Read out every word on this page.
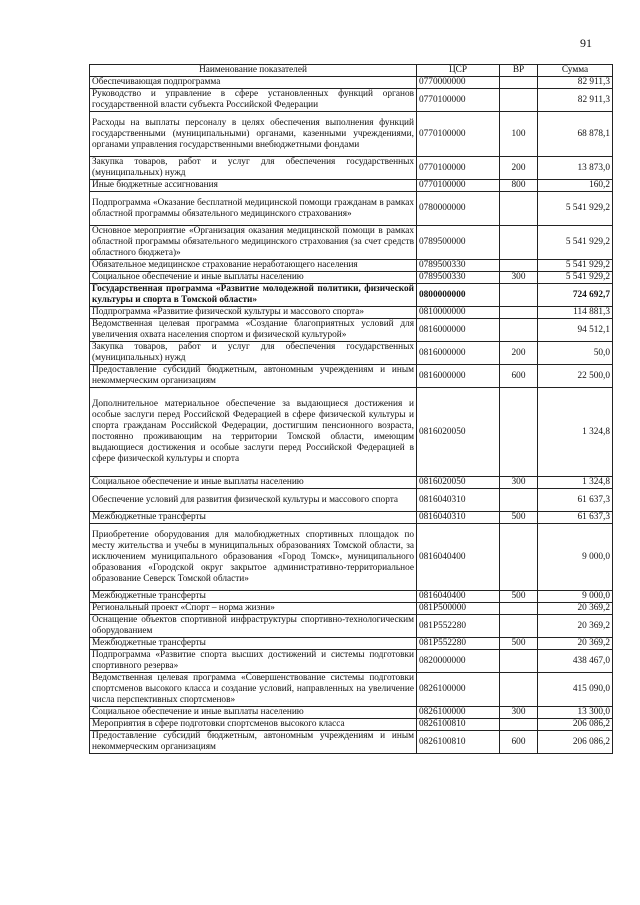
91
Наименование показателей	ЦСР	ВР	Сумма
Обеспечивающая подпрограмма	0770000000		82 911,3
Руководство и управление в сфере установленных функций органов государственной власти субъекта Российской Федерации	0770100000		82 911,3
Расходы на выплаты персоналу в целях обеспечения выполнения функций государственными (муниципальными) органами, казенными учреждениями, органами управления государственными внебюджетными фондами	0770100000	100	68 878,1
Закупка товаров, работ и услуг для обеспечения государственных (муниципальных) нужд	0770100000	200	13 873,0
Иные бюджетные ассигнования	0770100000	800	160,2
Подпрограмма «Оказание бесплатной медицинской помощи гражданам в рамках областной программы обязательного медицинского страхования»	0780000000		5 541 929,2
Основное мероприятие «Организация оказания медицинской помощи в рамках областной программы обязательного медицинского страхования (за счет средств областного бюджета)»	0789500000		5 541 929,2
Обязательное медицинское страхование неработающего населения	0789500330		5 541 929,2
Социальное обеспечение и иные выплаты населению	0789500330	300	5 541 929,2
Государственная программа «Развитие молодежной политики, физической культуры и спорта в Томской области»	0800000000		724 692,7
Подпрограмма «Развитие физической культуры и массового спорта»	0810000000		114 881,3
Ведомственная целевая программа «Создание благоприятных условий для увеличения охвата населения спортом и физической культурой»	0816000000		94 512,1
Закупка товаров, работ и услуг для обеспечения государственных (муниципальных) нужд	0816000000	200	50,0
Предоставление субсидий бюджетным, автономным учреждениям и иным некоммерческим организациям	0816000000	600	22 500,0
Дополнительное материальное обеспечение за выдающиеся достижения и особые заслуги перед Российской Федерацией в сфере физической культуры и спорта гражданам Российской Федерации, достигшим пенсионного возраста, постоянно проживающим на территории Томской области, имеющим выдающиеся достижения и особые заслуги перед Российской Федерацией в сфере физической культуры и спорта	0816020050		1 324,8
Социальное обеспечение и иные выплаты населению	0816020050	300	1 324,8
Обеспечение условий для развития физической культуры и массового спорта	0816040310		61 637,3
Межбюджетные трансферты	0816040310	500	61 637,3
Приобретение оборудования для малобюджетных спортивных площадок по месту жительства и учебы в муниципальных образованиях Томской области, за исключением муниципального образования «Город Томск», муниципального образования «Городской округ закрытое административно-территориальное образование Северск Томской области»	0816040400		9 000,0
Межбюджетные трансферты	0816040400	500	9 000,0
Региональный проект «Спорт – норма жизни»	081P500000		20 369,2
Оснащение объектов спортивной инфраструктуры спортивно-технологическим оборудованием	081P552280		20 369,2
Межбюджетные трансферты	081P552280	500	20 369,2
Подпрограмма «Развитие спорта высших достижений и системы подготовки спортивного резерва»	0820000000		438 467,0
Ведомственная целевая программа «Совершенствование системы подготовки спортсменов высокого класса и создание условий, направленных на увеличение числа перспективных спортсменов»	0826100000		415 090,0
Социальное обеспечение и иные выплаты населению	0826100000	300	13 300,0
Мероприятия в сфере подготовки спортсменов высокого класса	0826100810		206 086,2
Предоставление субсидий бюджетным, автономным учреждениям и иным некоммерческим организациям	0826100810	600	206 086,2
